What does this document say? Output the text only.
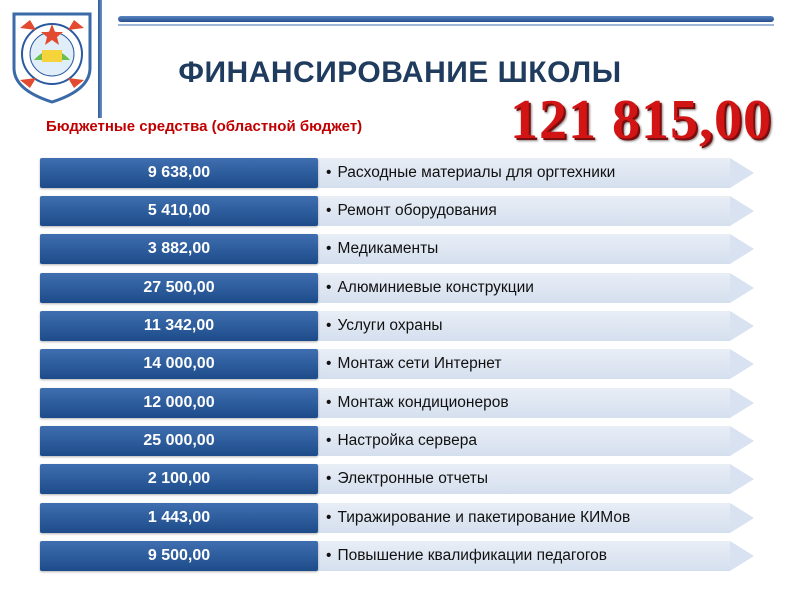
ФИНАНСИРОВАНИЕ ШКОЛЫ
Бюджетные средства (областной бюджет)	121 815,00
9 638,00	• Расходные материалы для оргтехники
5 410,00	• Ремонт оборудования
3 882,00	• Медикаменты
27 500,00	• Алюминиевые конструкции
11 342,00	• Услуги охраны
14 000,00	• Монтаж сети Интернет
12 000,00	• Монтаж кондиционеров
25 000,00	• Настройка сервера
2 100,00	• Электронные отчеты
1 443,00	• Тиражирование и пакетирование КИМов
9 500,00	• Повышение квалификации педагогов
